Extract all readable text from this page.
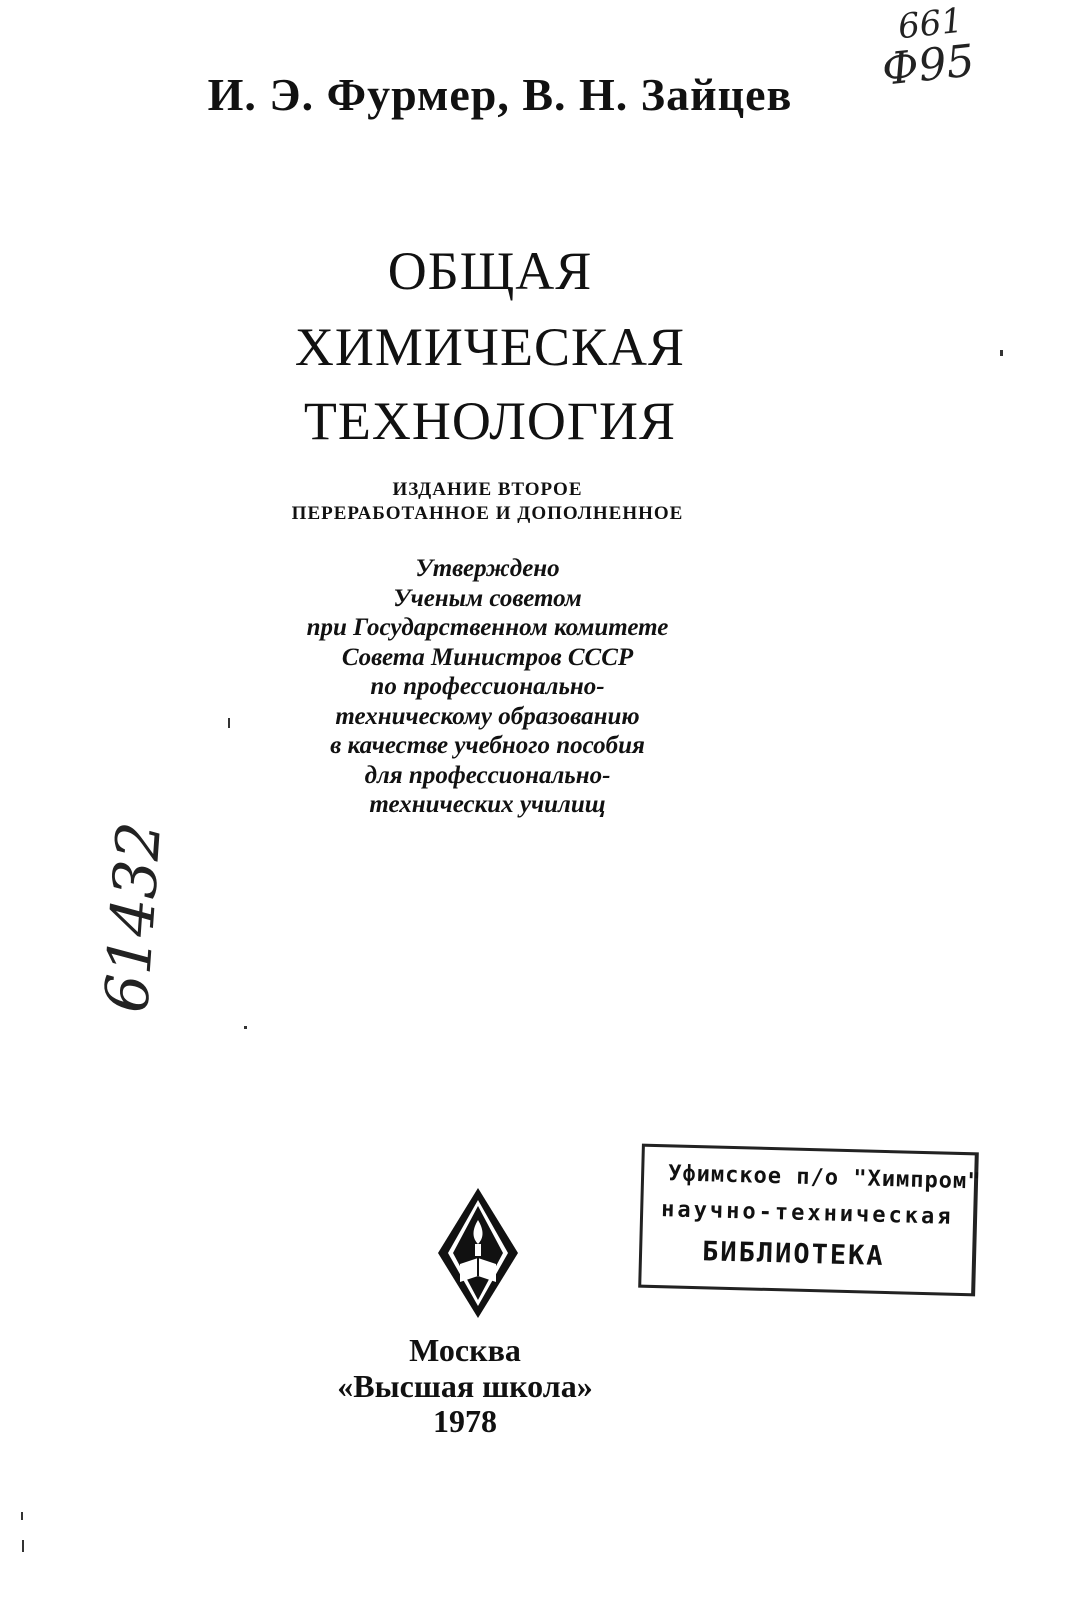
И. Э. Фурмер, В. Н. Зайцев
661
Ф95
61432
ОБЩАЯ
ХИМИЧЕСКАЯ
ТЕХНОЛОГИЯ
ИЗДАНИЕ ВТОРОЕ
ПЕРЕРАБОТАННОЕ И ДОПОЛНЕННОЕ
Утверждено
Ученым советом
при Государственном комитете
Совета Министров СССР
по профессионально-
техническому образованию
в качестве учебного пособия
для профессионально-
технических училищ
Уфимское п/о "Химпром"
научно-техническая
БИБЛИОТЕКА
Москва
«Высшая школа»
1978
